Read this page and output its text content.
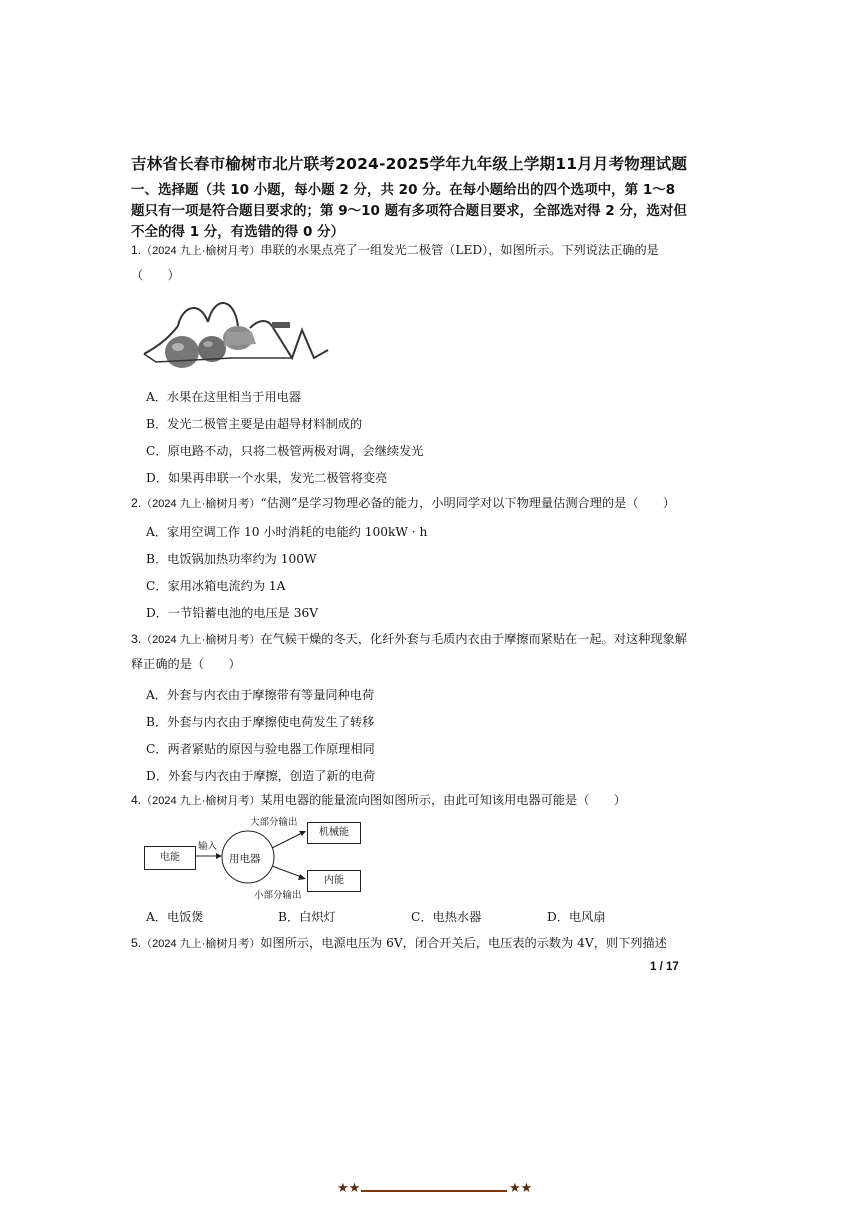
吉林省长春市榆树市北片联考2024-2025学年九年级上学期11月月考物理试题
一、选择题（共 10 小题，每小题 2 分，共 20 分。在每小题给出的四个选项中，第 1～8 题只有一项是符合题目要求的；第 9～10 题有多项符合题目要求，全部选对得 2 分，选对但不全的得 1 分，有选错的得 0 分）
1.（2024 九上·榆树月考）串联的水果点亮了一组发光二极管（LED），如图所示。下列说法正确的是（　　）
A．水果在这里相当于用电器
B．发光二极管主要是由超导材料制成的
C．原电路不动，只将二极管两极对调，会继续发光
D．如果再串联一个水果，发光二极管将变亮
2.（2024 九上·榆树月考）“估测”是学习物理必备的能力，小明同学对以下物理量估测合理的是（　　）
A．家用空调工作 10 小时消耗的电能约 100kW · h
B．电饭锅加热功率约为 100W
C．家用冰箱电流约为 1A
D．一节铅蓄电池的电压是 36V
3.（2024 九上·榆树月考）在气候干燥的冬天，化纤外套与毛质内衣由于摩擦而紧贴在一起。对这种现象解释正确的是（　　）
A．外套与内衣由于摩擦带有等量同种电荷
B．外套与内衣由于摩擦使电荷发生了转移
C．两者紧贴的原因与验电器工作原理相同
D．外套与内衣由于摩擦，创造了新的电荷
4.（2024 九上·榆树月考）某用电器的能量流向图如图所示，由此可知该用电器可能是（　　）
电能
输入
用电器
大部分输出
机械能
内能
小部分输出
A．电饭煲	B．白炽灯	C．电热水器	D．电风扇
5.（2024 九上·榆树月考）如图所示，电源电压为 6V，闭合开关后，电压表的示数为 4V，则下列描述
1 / 17
★★	★★
